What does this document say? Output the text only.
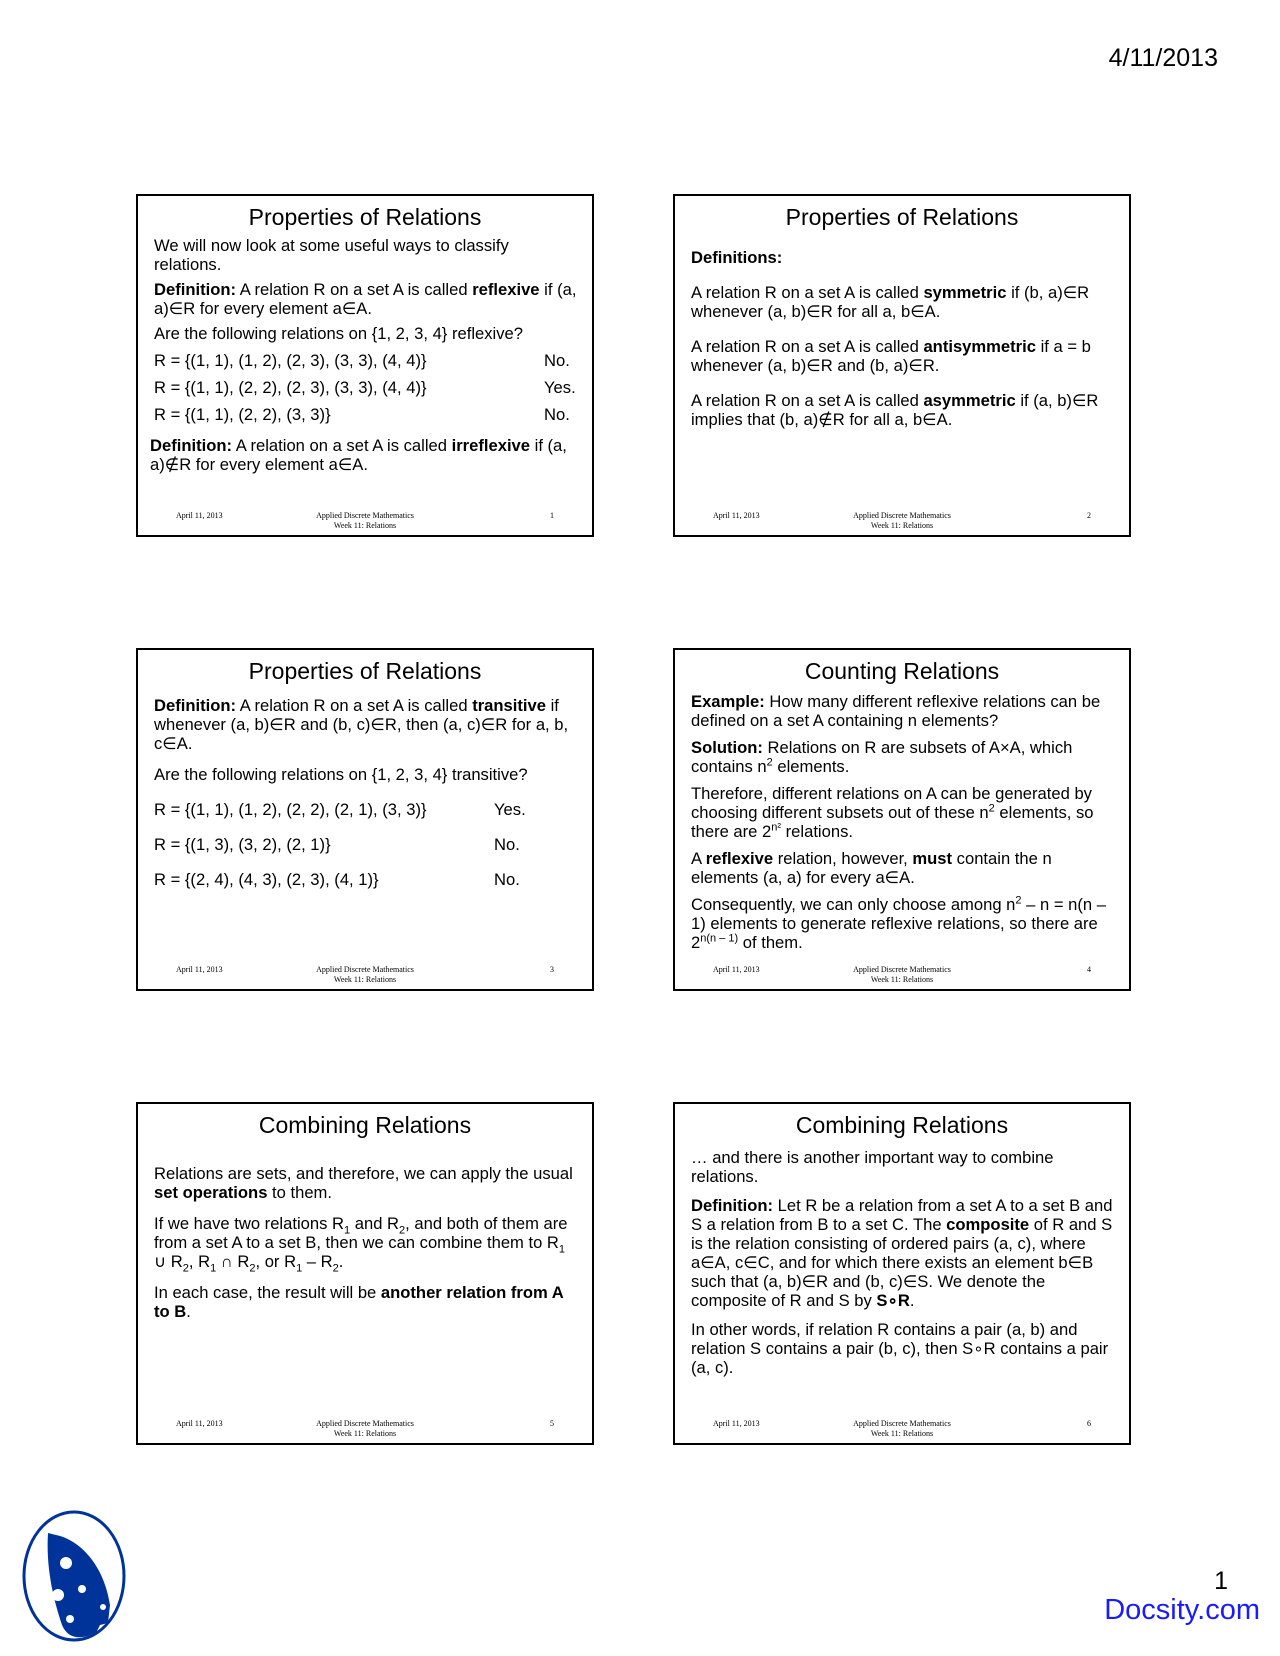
4/11/2013
Properties of Relations
We will now look at some useful ways to classify relations.
Definition: A relation R on a set A is called reflexive if (a, a)∈R for every element a∈A.
Are the following relations on {1, 2, 3, 4} reflexive?
R = {(1, 1), (1, 2), (2, 3), (3, 3), (4, 4)}	No.
R = {(1, 1), (2, 2), (2, 3), (3, 3), (4, 4)}	Yes.
R = {(1, 1), (2, 2), (3, 3)}	No.
Definition: A relation on a set A is called irreflexive if (a, a)∉R for every element a∈A.
April 11, 2013	Applied Discrete Mathematics
Week 11: Relations
1
Properties of Relations
Definitions:
A relation R on a set A is called symmetric if (b, a)∈R whenever (a, b)∈R for all a, b∈A.
A relation R on a set A is called antisymmetric if a = b whenever (a, b)∈R and (b, a)∈R.
A relation R on a set A is called asymmetric if (a, b)∈R implies that (b, a)∉R for all a, b∈A.
April 11, 2013	Applied Discrete Mathematics
Week 11: Relations
2
Properties of Relations
Definition: A relation R on a set A is called transitive if whenever (a, b)∈R and (b, c)∈R, then (a, c)∈R for a, b, c∈A.
Are the following relations on {1, 2, 3, 4} transitive?
R = {(1, 1), (1, 2), (2, 2), (2, 1), (3, 3)}	Yes.
R = {(1, 3), (3, 2), (2, 1)}	No.
R = {(2, 4), (4, 3), (2, 3), (4, 1)}	No.
April 11, 2013	Applied Discrete Mathematics
Week 11: Relations
3
Counting Relations
Example: How many different reflexive relations can be defined on a set A containing n elements?
Solution: Relations on R are subsets of A×A, which contains $n^2$ elements.
Therefore, different relations on A can be generated by choosing different subsets out of these $n^2$ elements, so there are $2^{n^2}$ relations.
A reflexive relation, however, must contain the n elements (a, a) for every a∈A.
Consequently, we can only choose among $n^2 - n = n(n - 1)$ elements to generate reflexive relations, so there are $2^{n(n - 1)}$ of them.
April 11, 2013	Applied Discrete Mathematics
Week 11: Relations
4
Combining Relations
Relations are sets, and therefore, we can apply the usual set operations to them.
If we have two relations $R_1$ and $R_2$, and both of them are from a set A to a set B, then we can combine them to $R_1$ ∪ $R_2$, $R_1$ ∩ $R_2$, or $R_1 - R_2$.
In each case, the result will be another relation from A to B.
April 11, 2013	Applied Discrete Mathematics
Week 11: Relations
5
Combining Relations
… and there is another important way to combine relations.
Definition: Let R be a relation from a set A to a set B and S a relation from B to a set C. The composite of R and S is the relation consisting of ordered pairs (a, c), where a∈A, c∈C, and for which there exists an element b∈B such that (a, b)∈R and (b, c)∈S. We denote the composite of R and S by S∘R.
In other words, if relation R contains a pair (a, b) and relation S contains a pair (b, c), then S∘R contains a pair (a, c).
April 11, 2013	Applied Discrete Mathematics
Week 11: Relations
6
1
Docsity.com
